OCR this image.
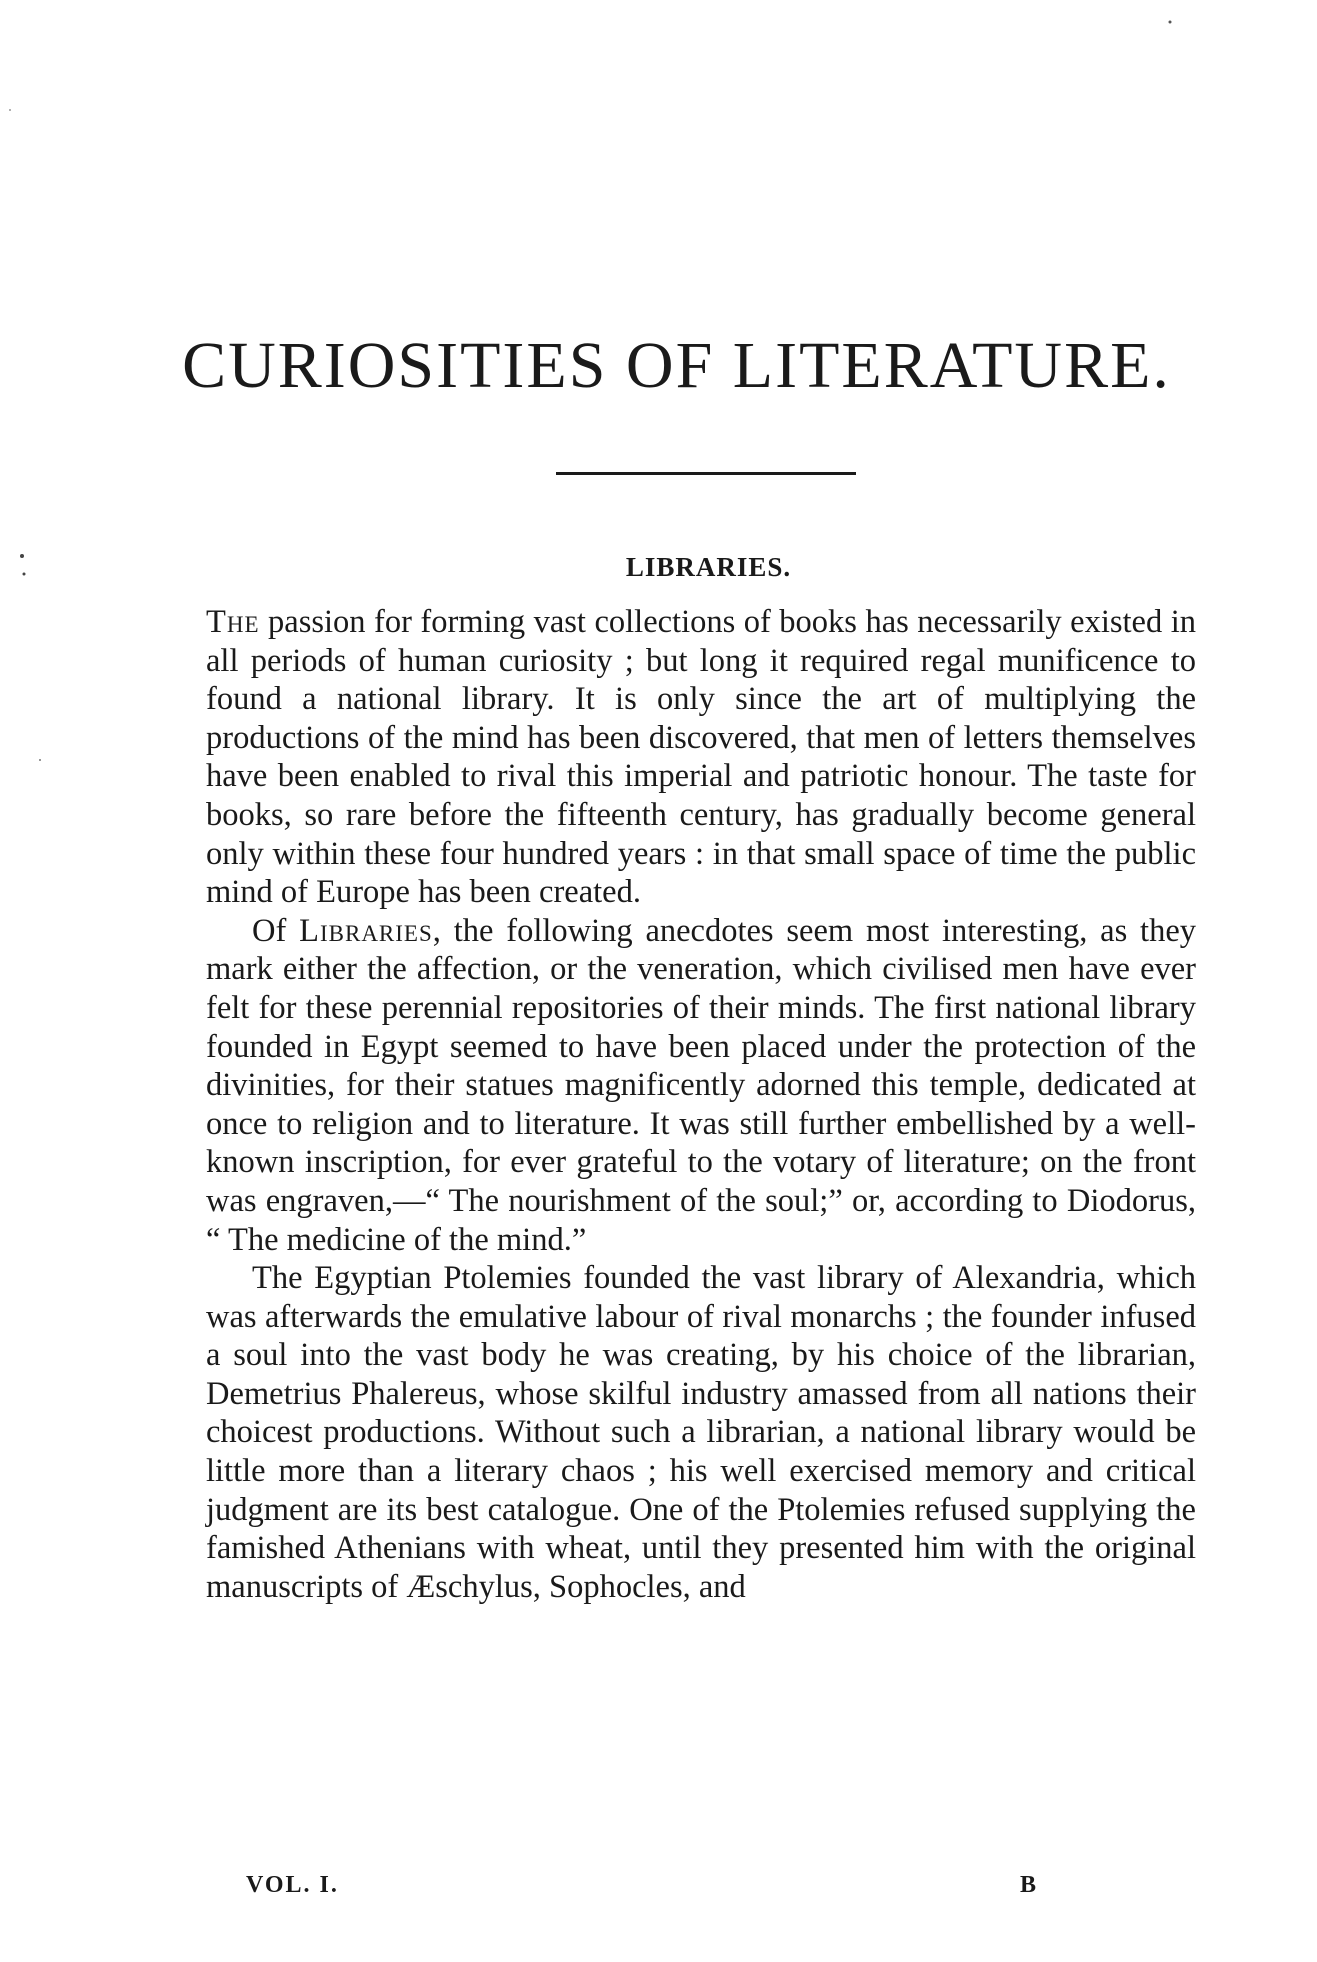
CURIOSITIES OF LITERATURE.
LIBRARIES.

The passion for forming vast collections of books has necessarily existed in all periods of human curiosity ; but long it required regal munificence to found a national library. It is only since the art of multiplying the productions of the mind has been discovered, that men of letters themselves have been enabled to rival this imperial and patriotic honour. The taste for books, so rare before the fifteenth century, has gradually become general only within these four hundred years : in that small space of time the public mind of Europe has been created.

Of Libraries, the following anecdotes seem most interesting, as they mark either the affection, or the veneration, which civilised men have ever felt for these perennial repositories of their minds. The first national library founded in Egypt seemed to have been placed under the protection of the divinities, for their statues magnificently adorned this temple, dedicated at once to religion and to literature. It was still further embellished by a well-known inscription, for ever grateful to the votary of literature; on the front was engraven,—“ The nourishment of the soul;” or, according to Diodorus, “ The medicine of the mind.”

The Egyptian Ptolemies founded the vast library of Alexandria, which was afterwards the emulative labour of rival monarchs ; the founder infused a soul into the vast body he was creating, by his choice of the librarian, Demetrius Phalereus, whose skilful industry amassed from all nations their choicest productions. Without such a librarian, a national library would be little more than a literary chaos ; his well exercised memory and critical judgment are its best catalogue. One of the Ptolemies refused supplying the famished Athenians with wheat, until they presented him with the original manuscripts of Æschylus, Sophocles, and

VOL. I.	B
